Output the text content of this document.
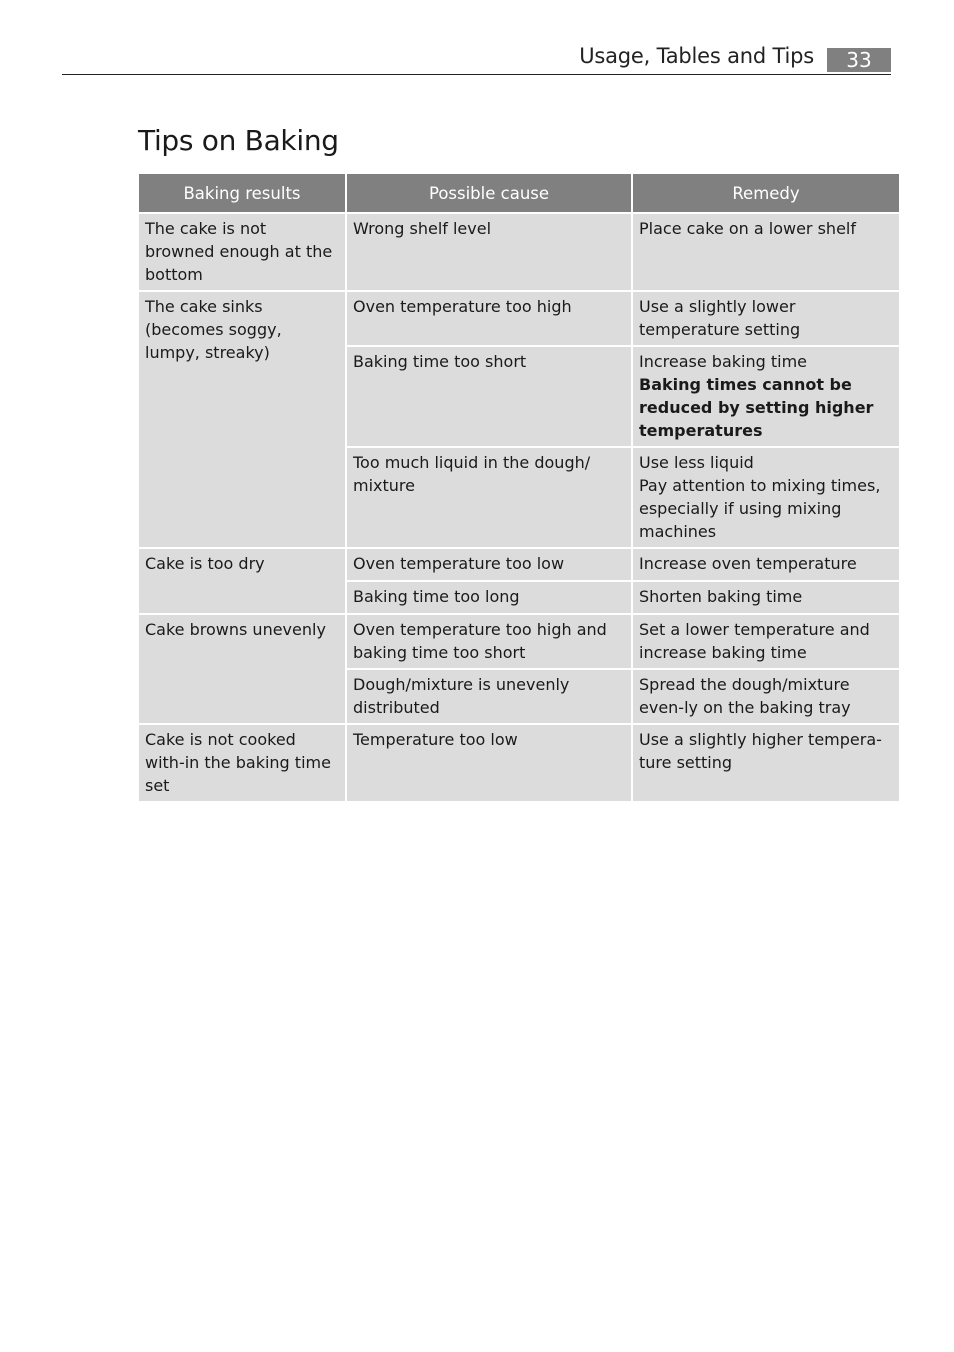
Usage, Tables and Tips	33
Tips on Baking
Baking results	Possible cause	Remedy
The cake is not browned enough at the bottom	Wrong shelf level	Place cake on a lower shelf
The cake sinks (becomes soggy, lumpy, streaky)	Oven temperature too high	Use a slightly lower temperature setting
	Baking time too short	Increase baking time
Baking times cannot be reduced by setting higher temperatures

	Too much liquid in the dough/ mixture	Use less liquid
Pay attention to mixing times, especially if using mixing machines

Cake is too dry	Oven temperature too low	Increase oven temperature
	Baking time too long	Shorten baking time
Cake browns unevenly	Oven temperature too high and baking time too short	Set a lower temperature and increase baking time
	Dough/mixture is unevenly distributed	Spread the dough/mixture even-ly on the baking tray
Cake is not cooked with-in the baking time set	Temperature too low	Use a slightly higher tempera-ture setting
